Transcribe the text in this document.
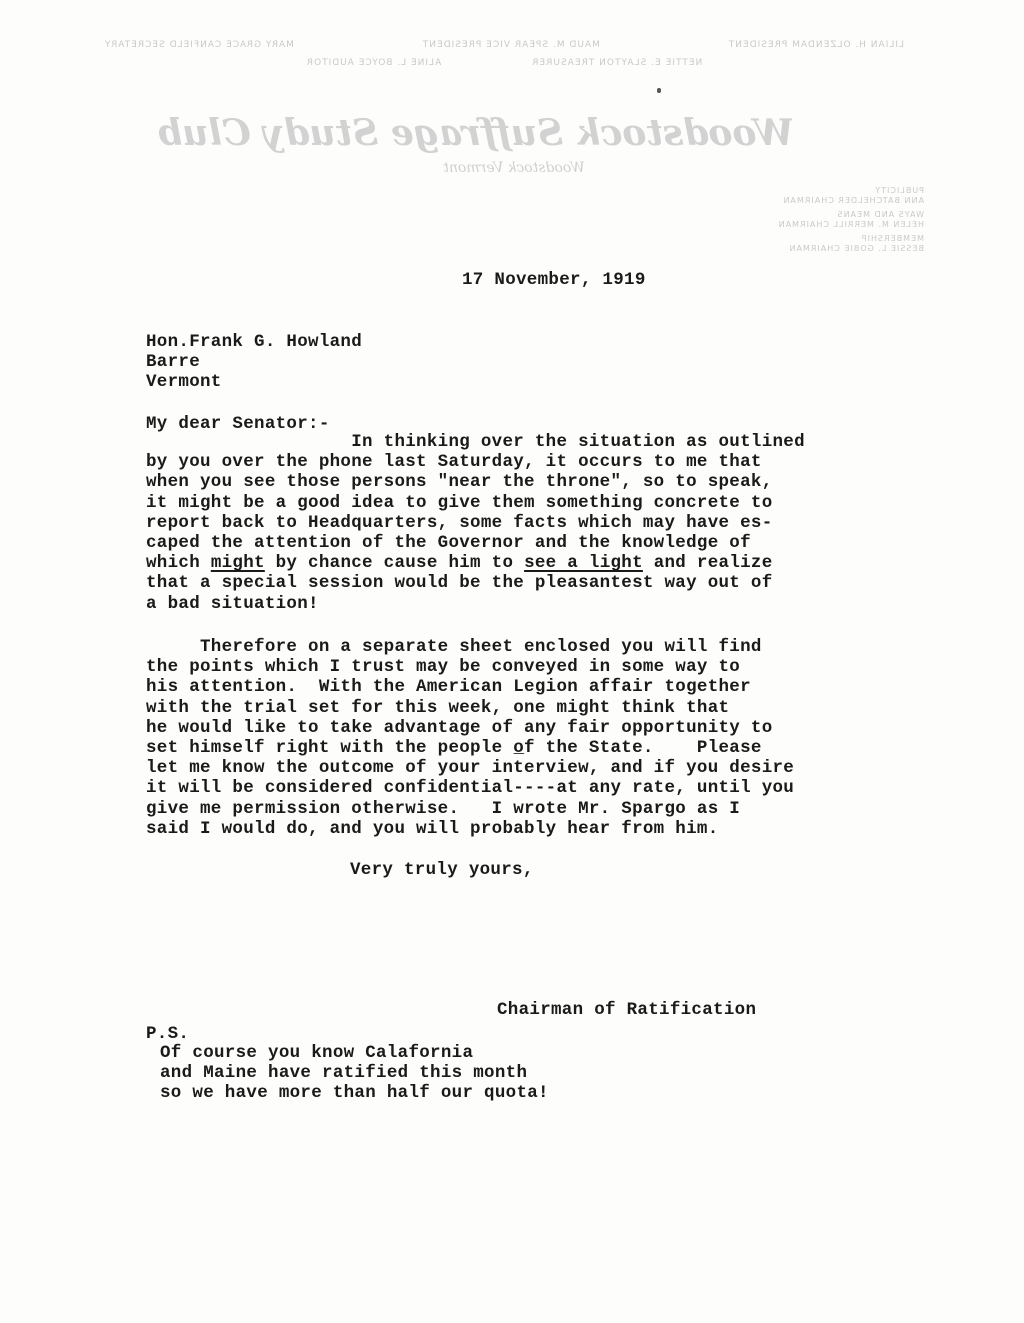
LILIAN H. OLZENDAM PRESIDENT
MAUD M. SPEAR VICE PRESIDENT
MARY GRACE CANFIELD SECRETARY
NETTIE E. SLAYTON TREASURER
ALINE L. BOYCE AUDITOR
Woodstock Suffrage Study Club
Woodstock Vermont
PUBLICITY
ANN BATCHELDER CHAIRMAN
WAYS AND MEANS
HELEN M. MERRILL CHAIRMAN
MEMBERSHIP
BESSIE L. GOBIE CHAIRMAN
17 November, 1919
Hon.Frank G. Howland
Barre
Vermont
My dear Senator:-
In thinking over the situation as outlined
by you over the phone last Saturday, it occurs to me that
when you see those persons "near the throne", so to speak,
it might be a good idea to give them something concrete to
report back to Headquarters, some facts which may have es-
caped the attention of the Governor and the knowledge of
which might by chance cause him to see a light and realize
that a special session would be the pleasantest way out of
a bad situation!
Therefore on a separate sheet enclosed you will find
the points which I trust may be conveyed in some way to
his attention.  With the American Legion affair together
with the trial set for this week, one might think that
he would like to take advantage of any fair opportunity to
set himself right with the people o̲f the State.    Please
let me know the outcome of your interview, and if you desire
it will be considered confidential----at any rate, until you
give me permission otherwise.   I wrote Mr. Spargo as I
said I would do, and you will probably hear from him.
Very truly yours,
Chairman of Ratification
P.S.
Of course you know Calafornia
and Maine have ratified this month
so we have more than half our quota!
